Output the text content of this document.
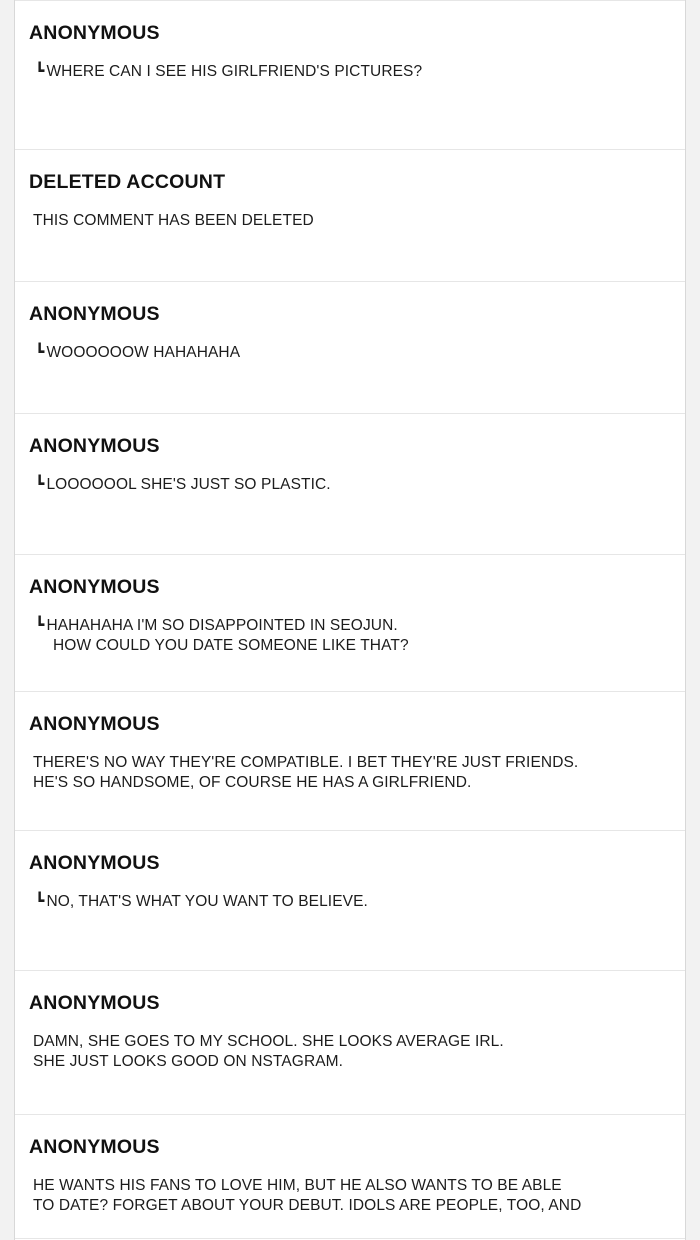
ANONYMOUS
┗ WHERE CAN I SEE HIS GIRLFRIEND'S PICTURES?
DELETED ACCOUNT
THIS COMMENT HAS BEEN DELETED
ANONYMOUS
┗ WOOOOOOW HAHAHAHA
ANONYMOUS
┗ LOOOOOOL SHE'S JUST SO PLASTIC.
ANONYMOUS
┗ HAHAHAHA I'M SO DISAPPOINTED IN SEOJUN.
HOW COULD YOU DATE SOMEONE LIKE THAT?
ANONYMOUS
THERE'S NO WAY THEY'RE COMPATIBLE. I BET THEY'RE JUST FRIENDS.
HE'S SO HANDSOME, OF COURSE HE HAS A GIRLFRIEND.
ANONYMOUS
┗ NO, THAT'S WHAT YOU WANT TO BELIEVE.
ANONYMOUS
DAMN, SHE GOES TO MY SCHOOL. SHE LOOKS AVERAGE IRL.
SHE JUST LOOKS GOOD ON NSTAGRAM.
ANONYMOUS
HE WANTS HIS FANS TO LOVE HIM, BUT HE ALSO WANTS TO BE ABLE
TO DATE? FORGET ABOUT YOUR DEBUT. IDOLS ARE PEOPLE, TOO, AND
